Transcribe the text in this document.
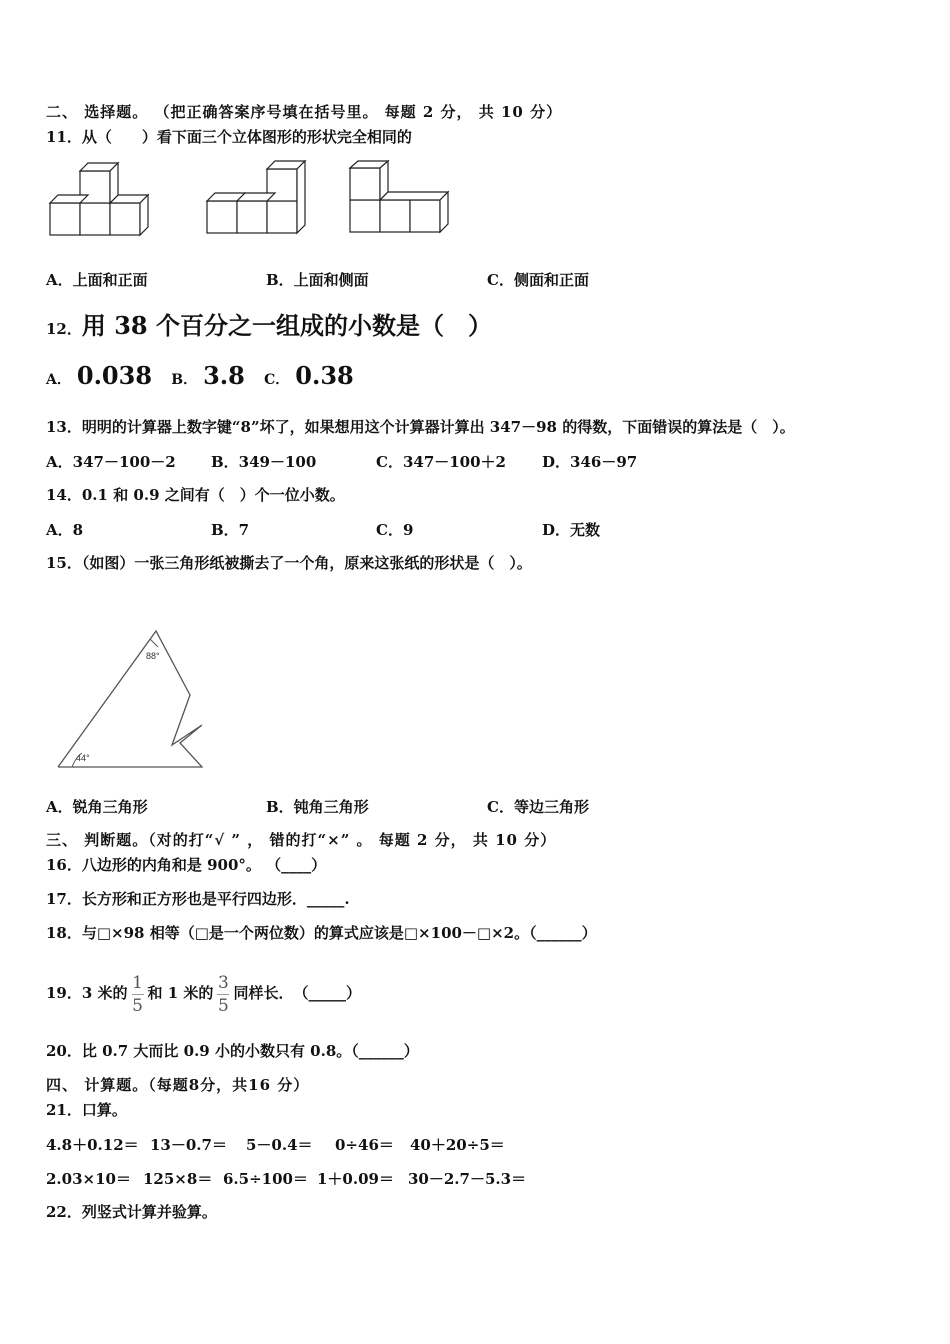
二、 选择题。 （把正确答案序号填在括号里。 每题 2 分， 共 10 分）
11．从（　　）看下面三个立体图形的形状完全相同的
A．上面和正面	B．上面和侧面	C．侧面和正面
12．用 38 个百分之一组成的小数是（　）
A． 0.038 B． 3.8 C． 0.38
13．明明的计算器上数字键“8”坏了，如果想用这个计算器计算出 347－98 的得数，下面错误的算法是（　）。
A．347－100－2 B．349－100	C．347－100＋2 D．346－97
14．0.1 和 0.9 之间有（　）个一位小数。
A．8	B．7	C．9	D．无数
15．（如图）一张三角形纸被撕去了一个角，原来这张纸的形状是（　）。
88°
44°
A．锐角三角形	B．钝角三角形	C．等边三角形
三、 判断题。（对的打“√ ” ， 错的打“×” 。 每题 2 分， 共 10 分）
16．八边形的内角和是 900°。 （____）
17．长方形和正方形也是平行四边形．_____.
18．与□×98 相等（□是一个两位数）的算式应该是□×100－□×2。（______）
19．3 米的 $\frac{1}{5}$ 和 1 米的 $\frac{3}{5}$ 同样长．　（_____）
20．比 0.7 大而比 0.9 小的小数只有 0.8。（______）
四、 计算题。（每题8分，共16 分）
21．口算。
4.8＋0.12＝ 13－0.7＝ 5－0.4＝ 0÷46＝ 40＋20÷5＝
2.03×10＝ 125×8＝ 6.5÷100＝ 1＋0.09＝ 30－2.7－5.3＝
22．列竖式计算并验算。
